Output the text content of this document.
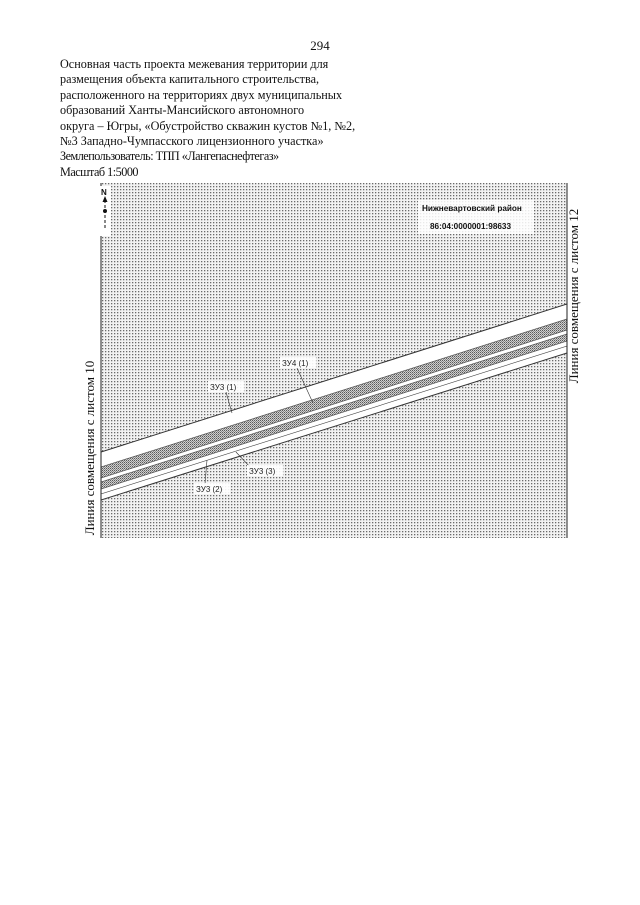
294
Основная часть проекта межевания территории для
размещения объекта капитального строительства,
расположенного на территориях двух муниципальных
образований Ханты-Мансийского автономного
округа – Югры, «Обустройство скважин кустов №1, №2,
№3 Западно-Чумпасского лицензионного участка»
Землепользователь: ТПП «Лангепаснефтегаз»
Масштаб 1:5000
N
Нижневартовский район
86:04:0000001:98633
ЗУ4 (1)
ЗУ3 (1)
ЗУ3 (3)
ЗУ3 (2)
Линия совмещения с листом 10
Линия совмещения с листом 12
